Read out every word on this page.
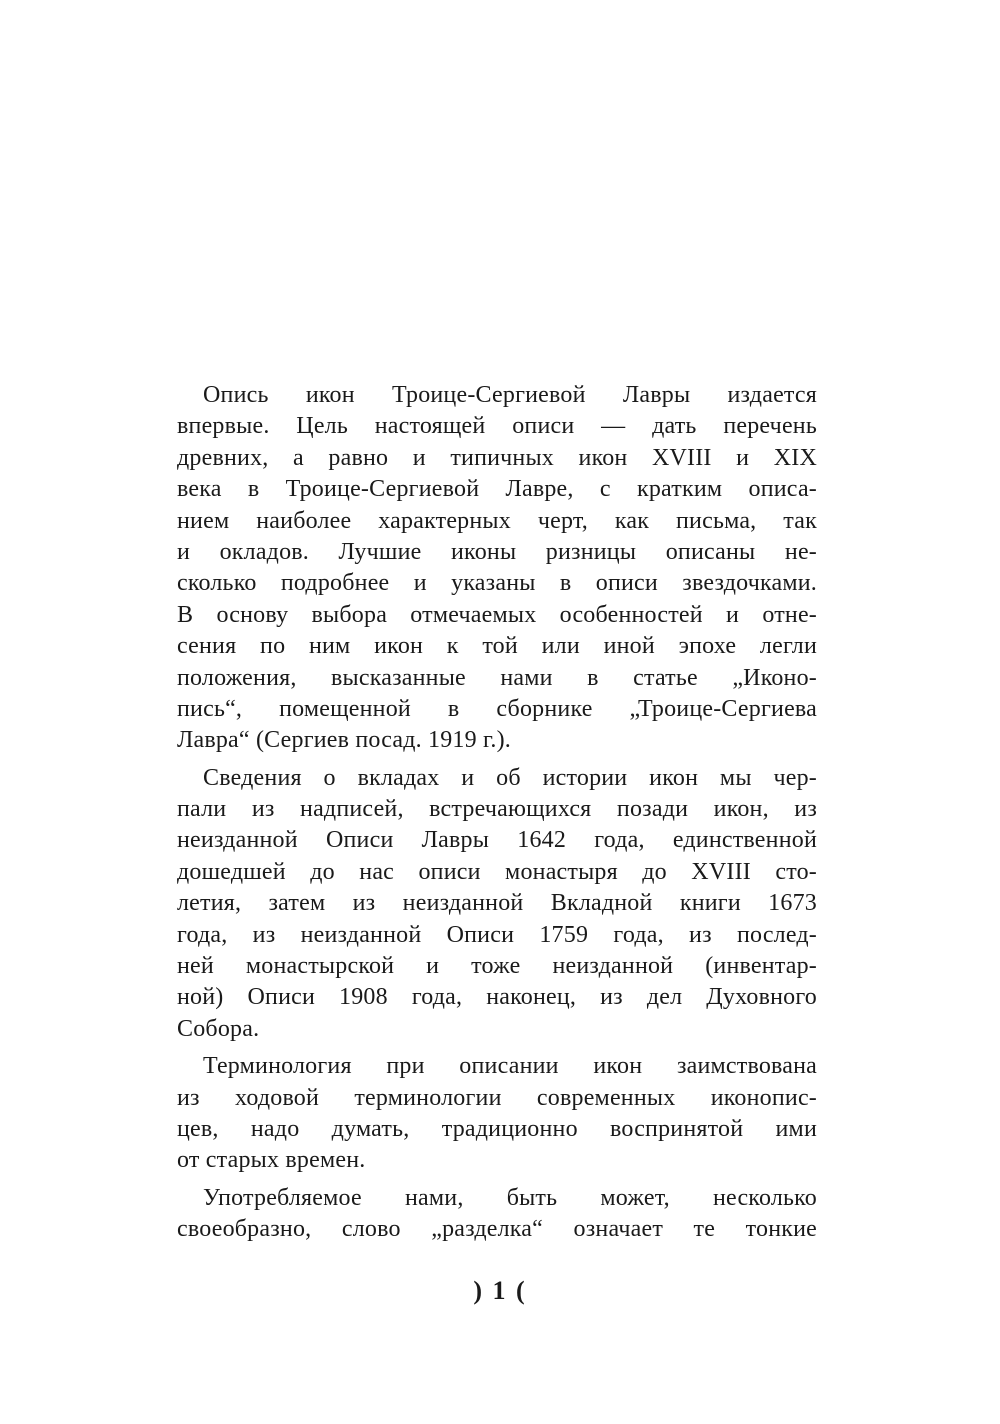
Опись икон Троице-Сергиевой Лавры издается
впервые. Цель настоящей описи — дать перечень
древних, а равно и типичных икон XVIII и XIX
века в Троице-Сергиевой Лавре, с кратким описа-
нием наиболее характерных черт, как письма, так
и окладов. Лучшие иконы ризницы описаны не-
сколько подробнее и указаны в описи звездочками.
В основу выбора отмечаемых особенностей и отне-
сения по ним икон к той или иной эпохе легли
положения, высказанные нами в статье „Иконо-
пись“, помещенной в сборнике „Троице-Сергиева
Лавра“ (Сергиев посад. 1919 г.).
Сведения о вкладах и об истории икон мы чер-
пали из надписей, встречающихся позади икон, из
неизданной Описи Лавры 1642 года, единственной
дошедшей до нас описи монастыря до XVIII сто-
летия, затем из неизданной Вкладной книги 1673
года, из неизданной Описи 1759 года, из послед-
ней монастырской и тоже неизданной (инвентар-
ной) Описи 1908 года, наконец, из дел Духовного
Собора.
Терминология при описании икон заимствована
из ходовой терминологии современных иконопис-
цев, надо думать, традиционно воспринятой ими
от старых времен.
Употребляемое нами, быть может, несколько
своеобразно, слово „разделка“ означает те тонкие
) 1 (
